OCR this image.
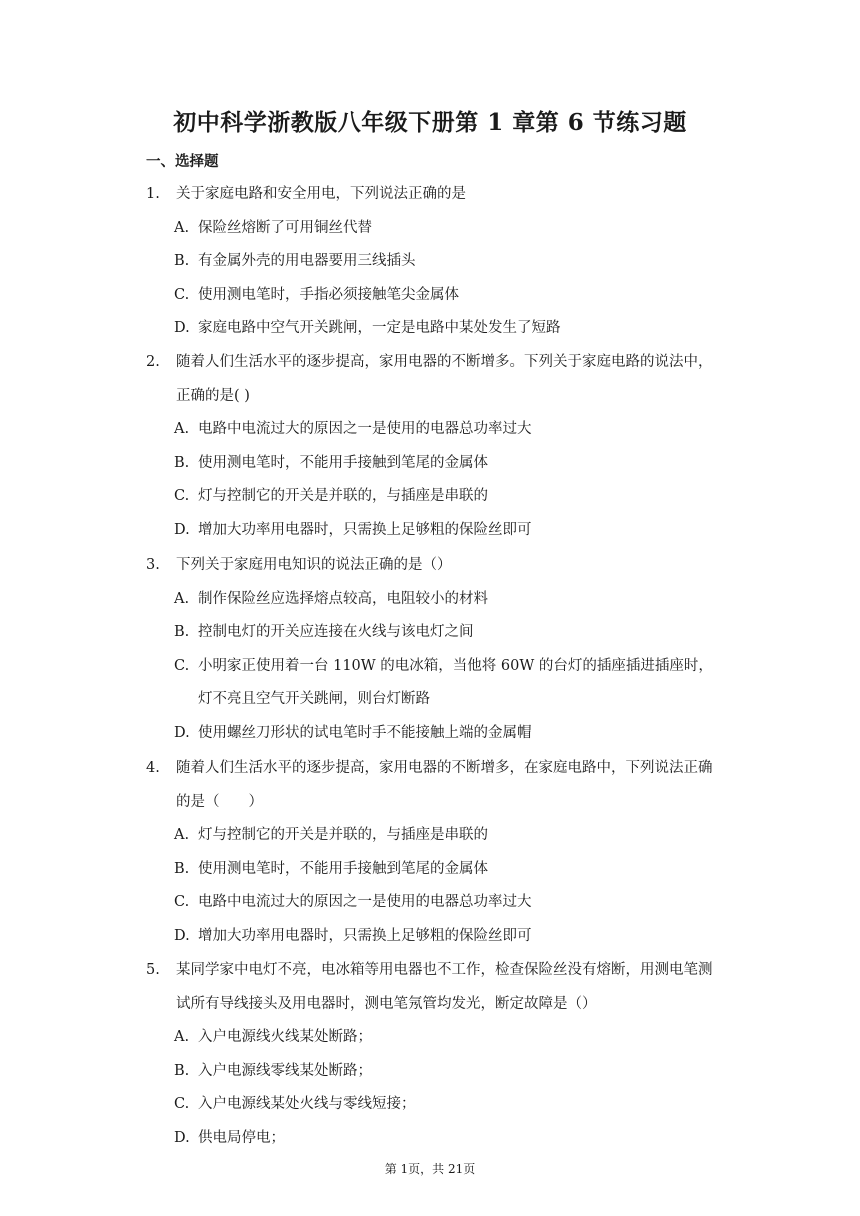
初中科学浙教版八年级下册第 1 章第 6 节练习题
一、选择题
1. 关于家庭电路和安全用电，下列说法正确的是
A. 保险丝熔断了可用铜丝代替
B. 有金属外壳的用电器要用三线插头
C. 使用测电笔时，手指必须接触笔尖金属体
D. 家庭电路中空气开关跳闸，一定是电路中某处发生了短路
2. 随着人们生活水平的逐步提高，家用电器的不断增多。下列关于家庭电路的说法中，正确的是( )
A. 电路中电流过大的原因之一是使用的电器总功率过大
B. 使用测电笔时，不能用手接触到笔尾的金属体
C. 灯与控制它的开关是并联的，与插座是串联的
D. 增加大功率用电器时，只需换上足够粗的保险丝即可
3. 下列关于家庭用电知识的说法正确的是（）
A. 制作保险丝应选择熔点较高，电阻较小的材料
B. 控制电灯的开关应连接在火线与该电灯之间
C. 小明家正使用着一台 110W 的电冰箱，当他将 60W 的台灯的插座插进插座时，灯不亮且空气开关跳闸，则台灯断路
D. 使用螺丝刀形状的试电笔时手不能接触上端的金属帽
4. 随着人们生活水平的逐步提高，家用电器的不断增多，在家庭电路中，下列说法正确的是（　　）
A. 灯与控制它的开关是并联的，与插座是串联的
B. 使用测电笔时，不能用手接触到笔尾的金属体
C. 电路中电流过大的原因之一是使用的电器总功率过大
D. 增加大功率用电器时，只需换上足够粗的保险丝即可
5. 某同学家中电灯不亮，电冰箱等用电器也不工作，检查保险丝没有熔断，用测电笔测试所有导线接头及用电器时，测电笔氖管均发光，断定故障是（）
A. 入户电源线火线某处断路；
B. 入户电源线零线某处断路；
C. 入户电源线某处火线与零线短接；
D. 供电局停电；
第 1页，共 21页
